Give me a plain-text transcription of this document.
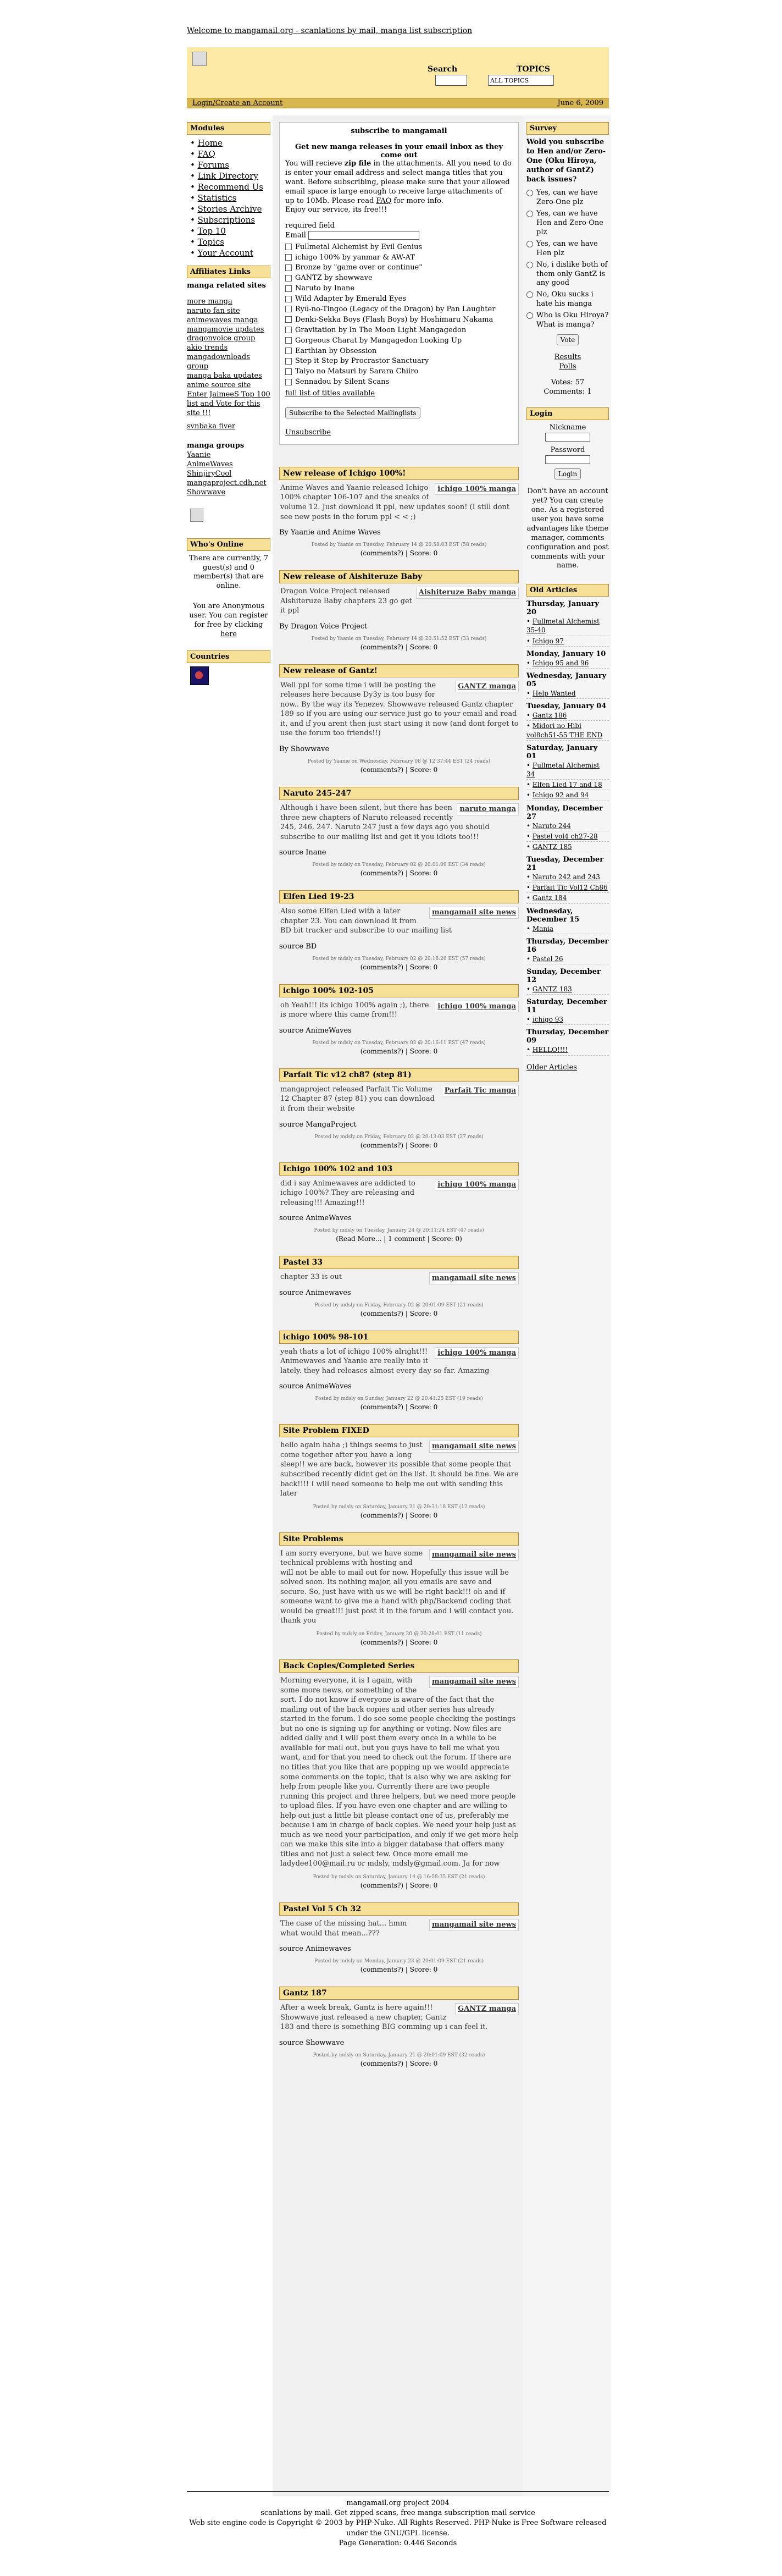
Welcome to mangamail.org - scanlations by mail, manga list subscription
Search	TOPICS
ALL TOPICS
Login/Create an Account	June 6, 2009
Modules
• Home
• FAQ
• Forums
• Link Directory
• Recommend Us
• Statistics
• Stories Archive
• Subscriptions
• Top 10
• Topics
• Your Account
Affiliates Links
manga related sites
more manga
naruto fan site
animewaves manga
mangamovie updates
dragonvoice group
akio trends
mangadownloads group
manga baka updates
anime source site
Enter JaimeeS Top 100 list and Vote for this site !!!
svnbaka fiver
manga groups
Yaanie
AnimeWaves
ShinjiryCool
mangaproject.cdh.net
Showwave
Who's Online
There are currently, 7 guest(s) and 0 member(s) that are online.
You are Anonymous user. You can register for free by clicking here
Countries
subscribe to mangamail
Get new manga releases in your email inbox as they come out
You will recieve zip file in the attachments. All you need to do is enter your email address and select manga titles that you want. Before subscribing, please make sure that your allowed email space is large enough to receive large attachments of up to 10Mb. Please read FAQ for more info.
Enjoy our service, its free!!!
required field
Email
Fullmetal Alchemist by Evil Genius
ichigo 100% by yanmar & AW-AT
Bronze by "game over or continue"
GANTZ by showwave
Naruto by Inane
Wild Adapter by Emerald Eyes
Ryū-no-Tingoo (Legacy of the Dragon) by Pan Laughter
Denki-Sekka Boys (Flash Boys) by Hoshimaru Nakama
Gravitation by In The Moon Light Mangagedon
Gorgeous Charat by Mangagedon Looking Up
Earthian by Obsession
Step it Step by Procrastor Sanctuary
Taiyo no Matsuri by Sarara Chiiro
Sennadou by Silent Scans
full list of titles available
Subscribe to the Selected Mailinglists
Unsubscribe
New release of Ichigo 100%!
ichigo 100% manga
Anime Waves and Yaanie released Ichigo 100% chapter 106-107 and the sneaks of volume 12. Just download it ppl, new updates soon! (I still dont see new posts in the forum ppl < < ;)
By Yaanie and Anime Waves
Posted by Yaanie on Tuesday, February 14 @ 20:58:03 EST (58 reads)
(comments?) | Score: 0
New release of Aishiteruze Baby
Aishiteruze Baby manga
Dragon Voice Project released Aishiteruze Baby chapters 23 go get it ppl
By Dragon Voice Project
Posted by Yaanie on Tuesday, February 14 @ 20:51:52 EST (33 reads)
(comments?) | Score: 0
New release of Gantz!
GANTZ manga
Well ppl for some time i will be posting the releases here because Dy3y is too busy for now.. By the way its Yenezev. Showwave released Gantz chapter 189 so if you are using our service just go to your email and read it, and if you arent then just start using it now (and dont forget to use the forum too friends!!)
By Showwave
Posted by Yaanie on Wednesday, February 08 @ 12:37:44 EST (24 reads)
(comments?) | Score: 0
Naruto 245-247
naruto manga
Although i have been silent, but there has been three new chapters of Naruto released recently 245, 246, 247. Naruto 247 just a few days ago you should subscribe to our mailing list and get it you idiots too!!!
source Inane
Posted by mdsly on Tuesday, February 02 @ 20:01:09 EST (34 reads)
(comments?) | Score: 0
Elfen Lied 19-23
mangamail site news
Also some Elfen Lied with a later chapter 23. You can download it from BD bit tracker and subscribe to our mailing list
source BD
Posted by mdsly on Tuesday, February 02 @ 20:18:26 EST (57 reads)
(comments?) | Score: 0
ichigo 100% 102-105
ichigo 100% manga
oh Yeah!!! its ichigo 100% again ;), there is more where this came from!!!
source AnimeWaves
Posted by mdsly on Tuesday, February 02 @ 20:16:11 EST (47 reads)
(comments?) | Score: 0
Parfait Tic v12 ch87 (step 81)
Parfait Tic manga
mangaproject released Parfait Tic Volume 12 Chapter 87 (step 81) you can download it from their website
source MangaProject
Posted by mdsly on Friday, February 02 @ 20:13:03 EST (27 reads)
(comments?) | Score: 0
Ichigo 100% 102 and 103
ichigo 100% manga
did i say Animewaves are addicted to ichigo 100%? They are releasing and releasing!!! Amazing!!!
source AnimeWaves
Posted by mdsly on Tuesday, January 24 @ 20:11:24 EST (47 reads)
(Read More... | 1 comment | Score: 0)
Pastel 33
mangamail site news
chapter 33 is out
source Animewaves
Posted by mdsly on Friday, February 02 @ 20:01:09 EST (21 reads)
(comments?) | Score: 0
ichigo 100% 98-101
ichigo 100% manga
yeah thats a lot of ichigo 100% alright!!! Animewaves and Yaanie are really into it lately. they had releases almost every day so far. Amazing
source AnimeWaves
Posted by mdsly on Sunday, January 22 @ 20:41:25 EST (19 reads)
(comments?) | Score: 0
Site Problem FIXED
mangamail site news
hello again haha ;) things seems to just come together after you have a long sleep!! we are back, however its possible that some people that subscribed recently didnt get on the list. It should be fine. We are back!!!! I will need someone to help me out with sending this later
Posted by mdsly on Saturday, January 21 @ 20:31:18 EST (12 reads)
(comments?) | Score: 0
Site Problems
mangamail site news
I am sorry everyone, but we have some technical problems with hosting and will not be able to mail out for now. Hopefully this issue will be solved soon. Its nothing major, all you emails are save and secure. So, just have with us we will be right back!!! oh and if someone want to give me a hand with php/Backend coding that would be great!!! just post it in the forum and i will contact you. thank you
Posted by mdsly on Friday, January 20 @ 20:28:01 EST (11 reads)
(comments?) | Score: 0
Back Copies/Completed Series
mangamail site news
Morning everyone, it is I again, with some more news, or something of the sort. I do not know if everyone is aware of the fact that the mailing out of the back copies and other series has already started in the forum. I do see some people checking the postings but no one is signing up for anything or voting. Now files are added daily and I will post them every once in a while to be available for mail out, but you guys have to tell me what you want, and for that you need to check out the forum. If there are no titles that you like that are popping up we would appreciate some comments on the topic, that is also why we are asking for help from people like you. Currently there are two people running this project and three helpers, but we need more people to upload files. If you have even one chapter and are willing to help out just a little bit please contact one of us, preferably me because i am in charge of back copies. We need your help just as much as we need your participation, and only if we get more help can we make this site into a bigger database that offers many titles and not just a select few. Once more email me ladydee100@mail.ru or mdsly, mdsly@gmail.com. Ja for now
Posted by mdsly on Saturday, January 14 @ 16:58:35 EST (21 reads)
(comments?) | Score: 0
Pastel Vol 5 Ch 32
mangamail site news
The case of the missing hat... hmm what would that mean...???
source Animewaves
Posted by mdsly on Monday, January 23 @ 20:01:09 EST (21 reads)
(comments?) | Score: 0
Gantz 187
GANTZ manga
After a week break, Gantz is here again!!! Showwave just released a new chapter, Gantz 183 and there is something BIG comming up i can feel it.
source Showwave
Posted by mdsly on Saturday, January 21 @ 20:01:09 EST (32 reads)
(comments?) | Score: 0
Survey
Wold you subscribe to Hen and/or Zero-One (Oku Hiroya, author of GantZ) back issues?
Yes, can we have Zero-One plz
Yes, can we have Hen and Zero-One plz
Yes, can we have Hen plz
No, i dislike both of them only GantZ is any good
No, Oku sucks i hate his manga
Who is Oku Hiroya? What is manga?
Vote
Results
Polls
Votes: 57
Comments: 1
Login
Nickname
Password
Login
Don't have an account yet? You can create one. As a registered user you have some advantages like theme manager, comments configuration and post comments with your name.
Old Articles
Thursday, January 20
• Fullmetal Alchemist 35-40
• Ichigo 97
Monday, January 10
• Ichigo 95 and 96
Wednesday, January 05
• Help Wanted
Tuesday, January 04
• Gantz 186
• Midori no Hibi vol8ch51-55 THE END
Saturday, January 01
• Fullmetal Alchemist 34
• Elfen Lied 17 and 18
• Ichigo 92 and 94
Monday, December 27
• Naruto 244
• Pastel vol4 ch27-28
• GANTZ 185
Tuesday, December 21
• Naruto 242 and 243
• Parfait Tic Vol12 Ch86
• Gantz 184
Wednesday, December 15
• Mania
Thursday, December 16
• Pastel 26
Sunday, December 12
• GANTZ 183
Saturday, December 11
• ichigo 93
Thursday, December 09
• HELLO!!!!
Older Articles
mangamail.org project 2004
scanlations by mail. Get zipped scans, free manga subscription mail service
Web site engine code is Copyright © 2003 by PHP-Nuke. All Rights Reserved. PHP-Nuke is Free Software released under the GNU/GPL license.
Page Generation: 0.446 Seconds
